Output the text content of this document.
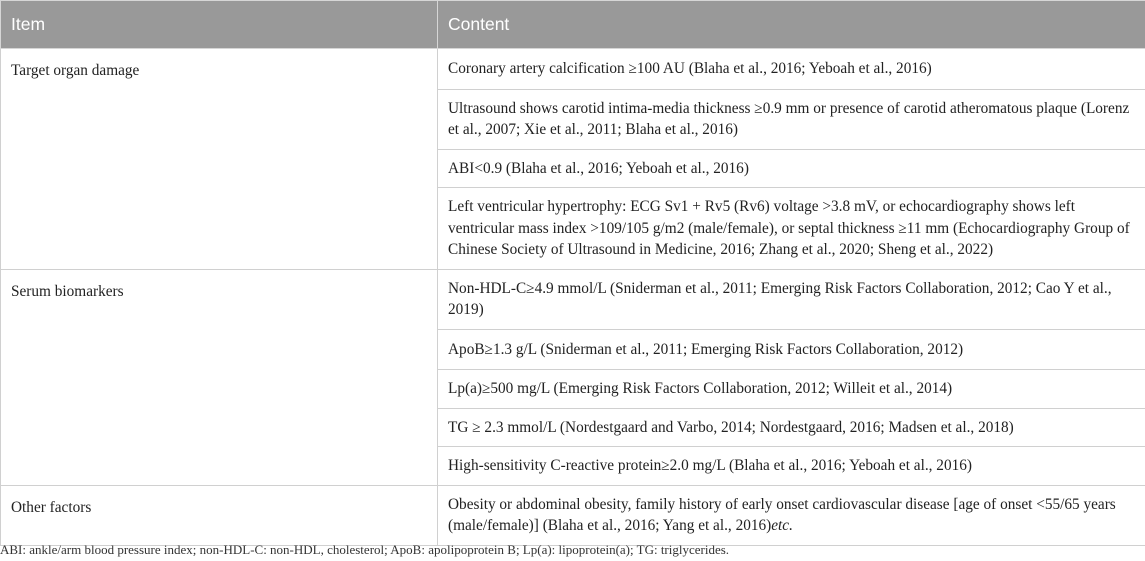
Item	Content
Target organ damage	Coronary artery calcification ≥100 AU (Blaha et al., 2016; Yeboah et al., 2016)
	Ultrasound shows carotid intima-media thickness ≥0.9 mm or presence of carotid atheromatous plaque (Lorenz et al., 2007; Xie et al., 2011; Blaha et al., 2016)
	ABI<0.9 (Blaha et al., 2016; Yeboah et al., 2016)
	Left ventricular hypertrophy: ECG Sv1 + Rv5 (Rv6) voltage >3.8 mV, or echocardiography shows left ventricular mass index >109/105 g/m2 (male/female), or septal thickness ≥11 mm (Echocardiography Group of Chinese Society of Ultrasound in Medicine, 2016; Zhang et al., 2020; Sheng et al., 2022)
Serum biomarkers	Non-HDL-C≥4.9 mmol/L (Sniderman et al., 2011; Emerging Risk Factors Collaboration, 2012; Cao Y et al., 2019)
	ApoB≥1.3 g/L (Sniderman et al., 2011; Emerging Risk Factors Collaboration, 2012)
	Lp(a)≥500 mg/L (Emerging Risk Factors Collaboration, 2012; Willeit et al., 2014)
	TG ≥ 2.3 mmol/L (Nordestgaard and Varbo, 2014; Nordestgaard, 2016; Madsen et al., 2018)
	High-sensitivity C-reactive protein≥2.0 mg/L (Blaha et al., 2016; Yeboah et al., 2016)
Other factors	Obesity or abdominal obesity, family history of early onset cardiovascular disease [age of onset <55/65 years (male/female)] (Blaha et al., 2016; Yang et al., 2016)etc.
ABI: ankle/arm blood pressure index; non-HDL-C: non-HDL, cholesterol; ApoB: apolipoprotein B; Lp(a): lipoprotein(a); TG: triglycerides.
